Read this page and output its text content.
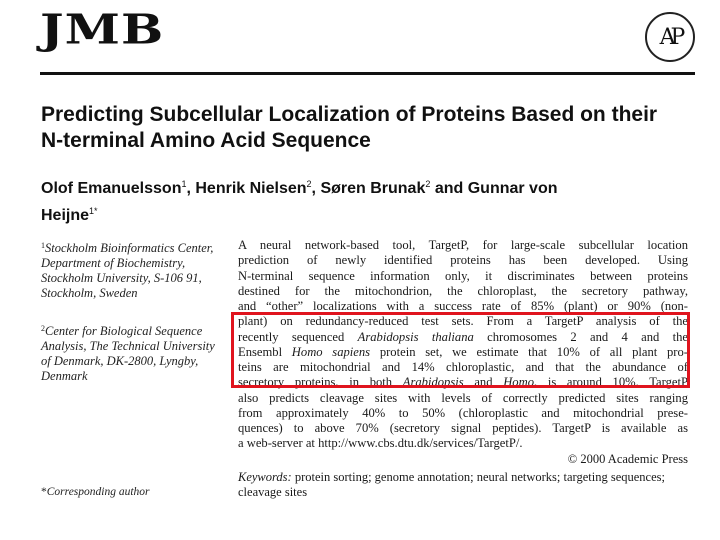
JMB	AP
Predicting Subcellular Localization of Proteins Based on their N-terminal Amino Acid Sequence

Olof Emanuelsson$^1$, Henrik Nielsen$^2$, Søren Brunak$^2$ and Gunnar von Heijne$^{1*}$

$^1$Stockholm Bioinformatics Center, Department of Biochemistry, Stockholm University, S-106 91, Stockholm, Sweden
$^2$Center for Biological Sequence Analysis, The Technical University of Denmark, DK-2800, Lyngby, Denmark

A neural network-based tool, TargetP, for large-scale subcellular location
prediction of newly identified proteins has been developed. Using
N-terminal sequence information only, it discriminates between proteins
destined for the mitochondrion, the chloroplast, the secretory pathway,
and “other” localizations with a success rate of 85% (plant) or 90% (non-
plant) on redundancy-reduced test sets. From a TargetP analysis of the
recently sequenced Arabidopsis thaliana chromosomes 2 and 4 and the
Ensembl Homo sapiens protein set, we estimate that 10% of all plant pro-
teins are mitochondrial and 14% chloroplastic, and that the abundance of
secretory proteins, in both Arabidopsis and Homo, is around 10%. TargetP
also predicts cleavage sites with levels of correctly predicted sites ranging
from approximately 40% to 50% (chloroplastic and mitochondrial prese-
quences) to above 70% (secretory signal peptides). TargetP is available as
a web-server at http://www.cbs.dtu.dk/services/TargetP/.

© 2000 Academic Press

Keywords: protein sorting; genome annotation; neural networks; targeting sequences; cleavage sites

*Corresponding author
